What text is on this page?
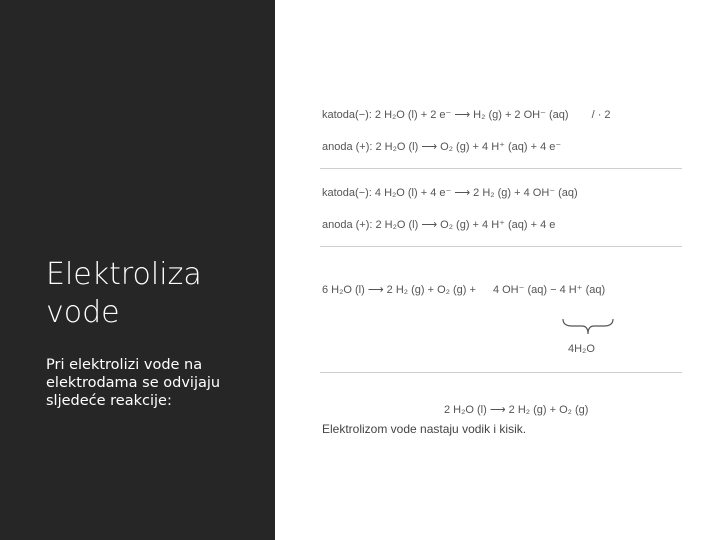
Elektroliza
vode

Pri elektrolizi vode na elektrodama se odvijaju sljedeće reakcije:

katoda(−): 2 H₂O (l) + 2 e⁻ ⟶ H₂ (g) + 2 OH⁻ (aq) / · 2
anoda (+): 2 H₂O (l) ⟶ O₂ (g) + 4 H⁺ (aq) + 4 e⁻
katoda(−): 4 H₂O (l) + 4 e⁻ ⟶ 2 H₂ (g) + 4 OH⁻ (aq)
anoda (+): 2 H₂O (l) ⟶ O₂ (g) + 4 H⁺ (aq) + 4 e
6 H₂O (l) ⟶ 2 H₂ (g) + O₂ (g) + 4 OH⁻ (aq) − 4 H⁺ (aq)
4H₂O
2 H₂O (l) ⟶ 2 H₂ (g) + O₂ (g)
Elektrolizom vode nastaju vodik i kisik.
